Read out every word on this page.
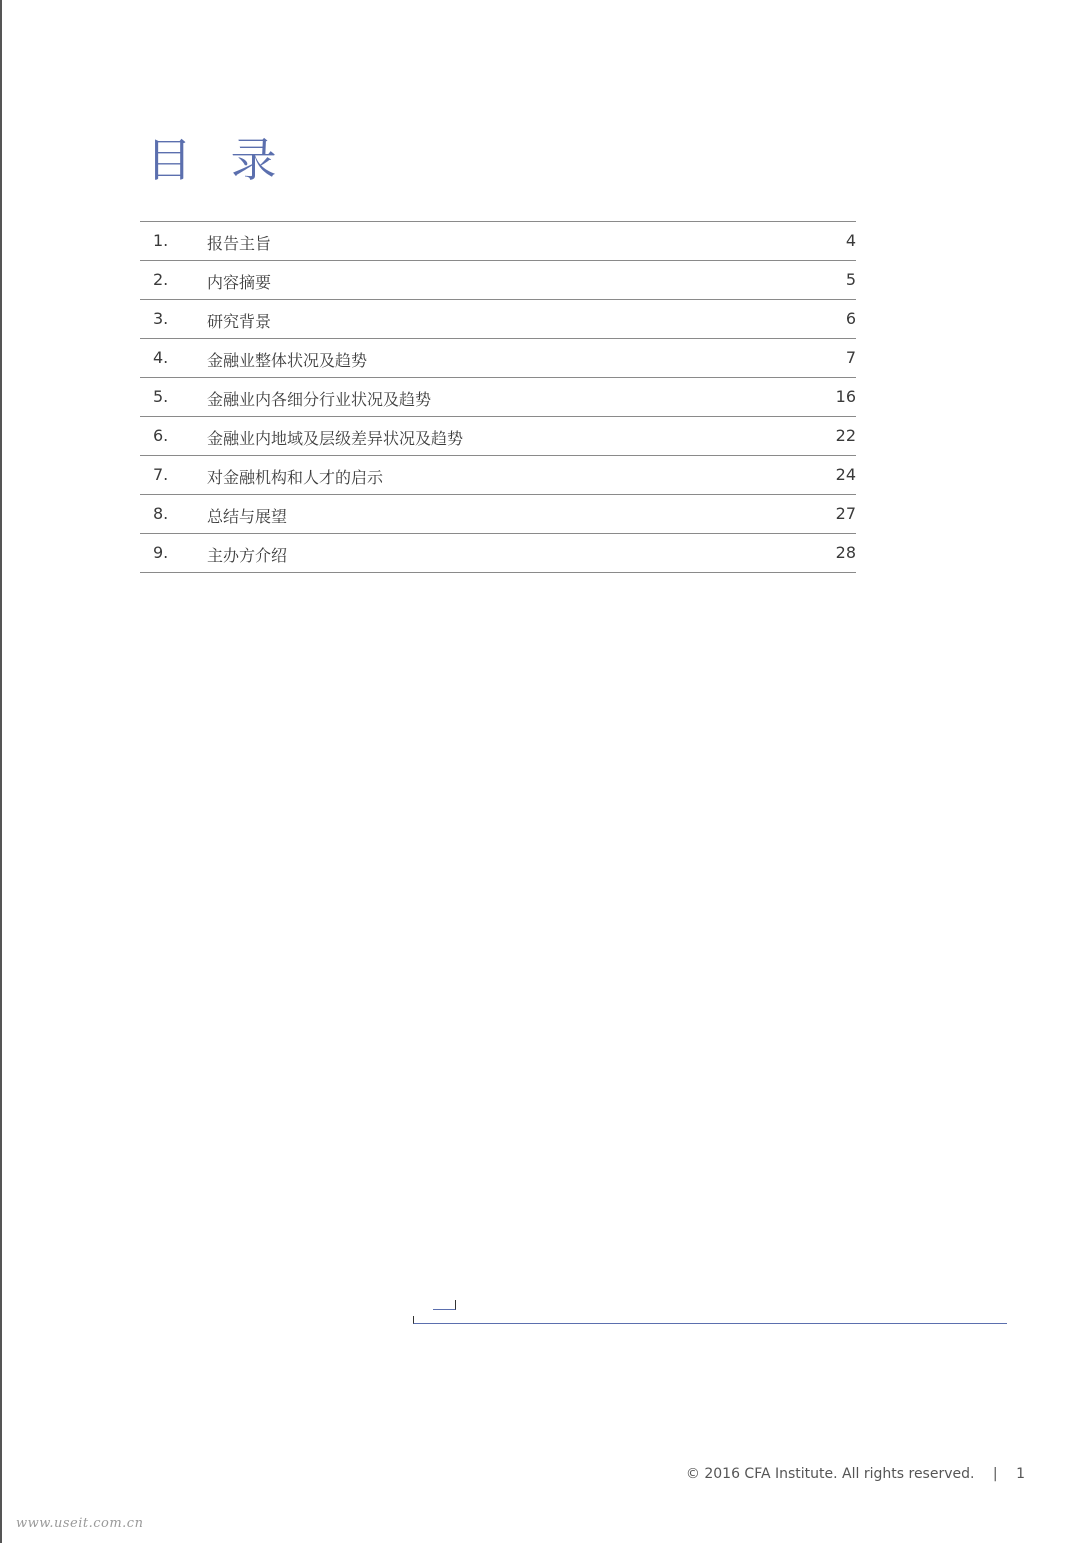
目 录
1. 报告主旨	4
2. 内容摘要	5
3. 研究背景	6
4. 金融业整体状况及趋势	7
5. 金融业内各细分行业状况及趋势	16
6. 金融业内地域及层级差异状况及趋势	22
7. 对金融机构和人才的启示	24
8. 总结与展望	27
9. 主办方介绍	28
© 2016 CFA Institute. All rights reserved. | 1
www.useit.com.cn
